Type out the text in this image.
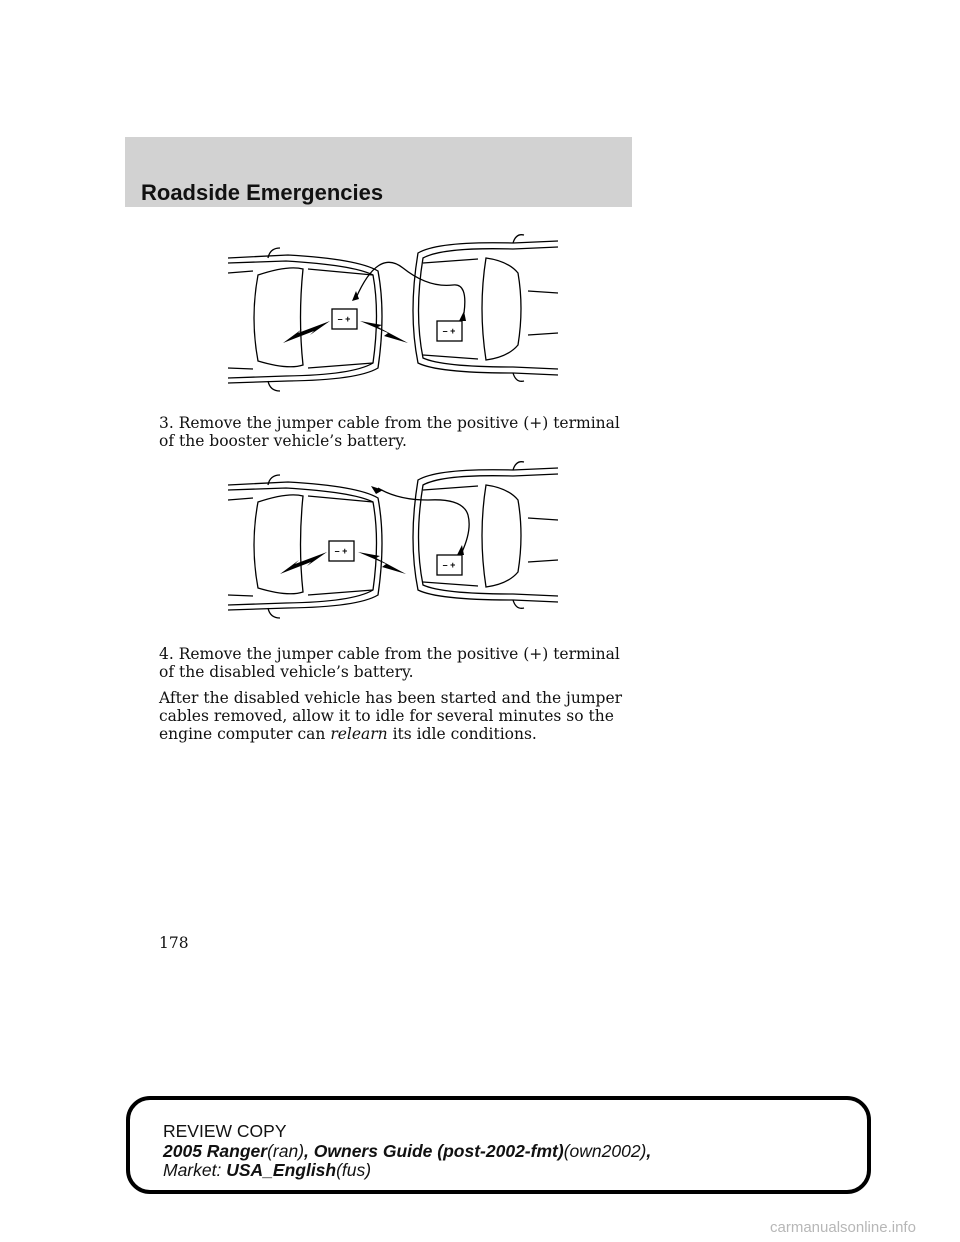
Roadside Emergencies
– +
– +
3. Remove the jumper cable from the positive (+) terminal of the booster vehicle’s battery.
– +
– +
4. Remove the jumper cable from the positive (+) terminal of the disabled vehicle’s battery.
After the disabled vehicle has been started and the jumper cables removed, allow it to idle for several minutes so the engine computer can relearn its idle conditions.
178
REVIEW COPY
2005 Ranger(ran), Owners Guide (post-2002-fmt)(own2002),
Market: USA_English(fus)
carmanualsonline.info
